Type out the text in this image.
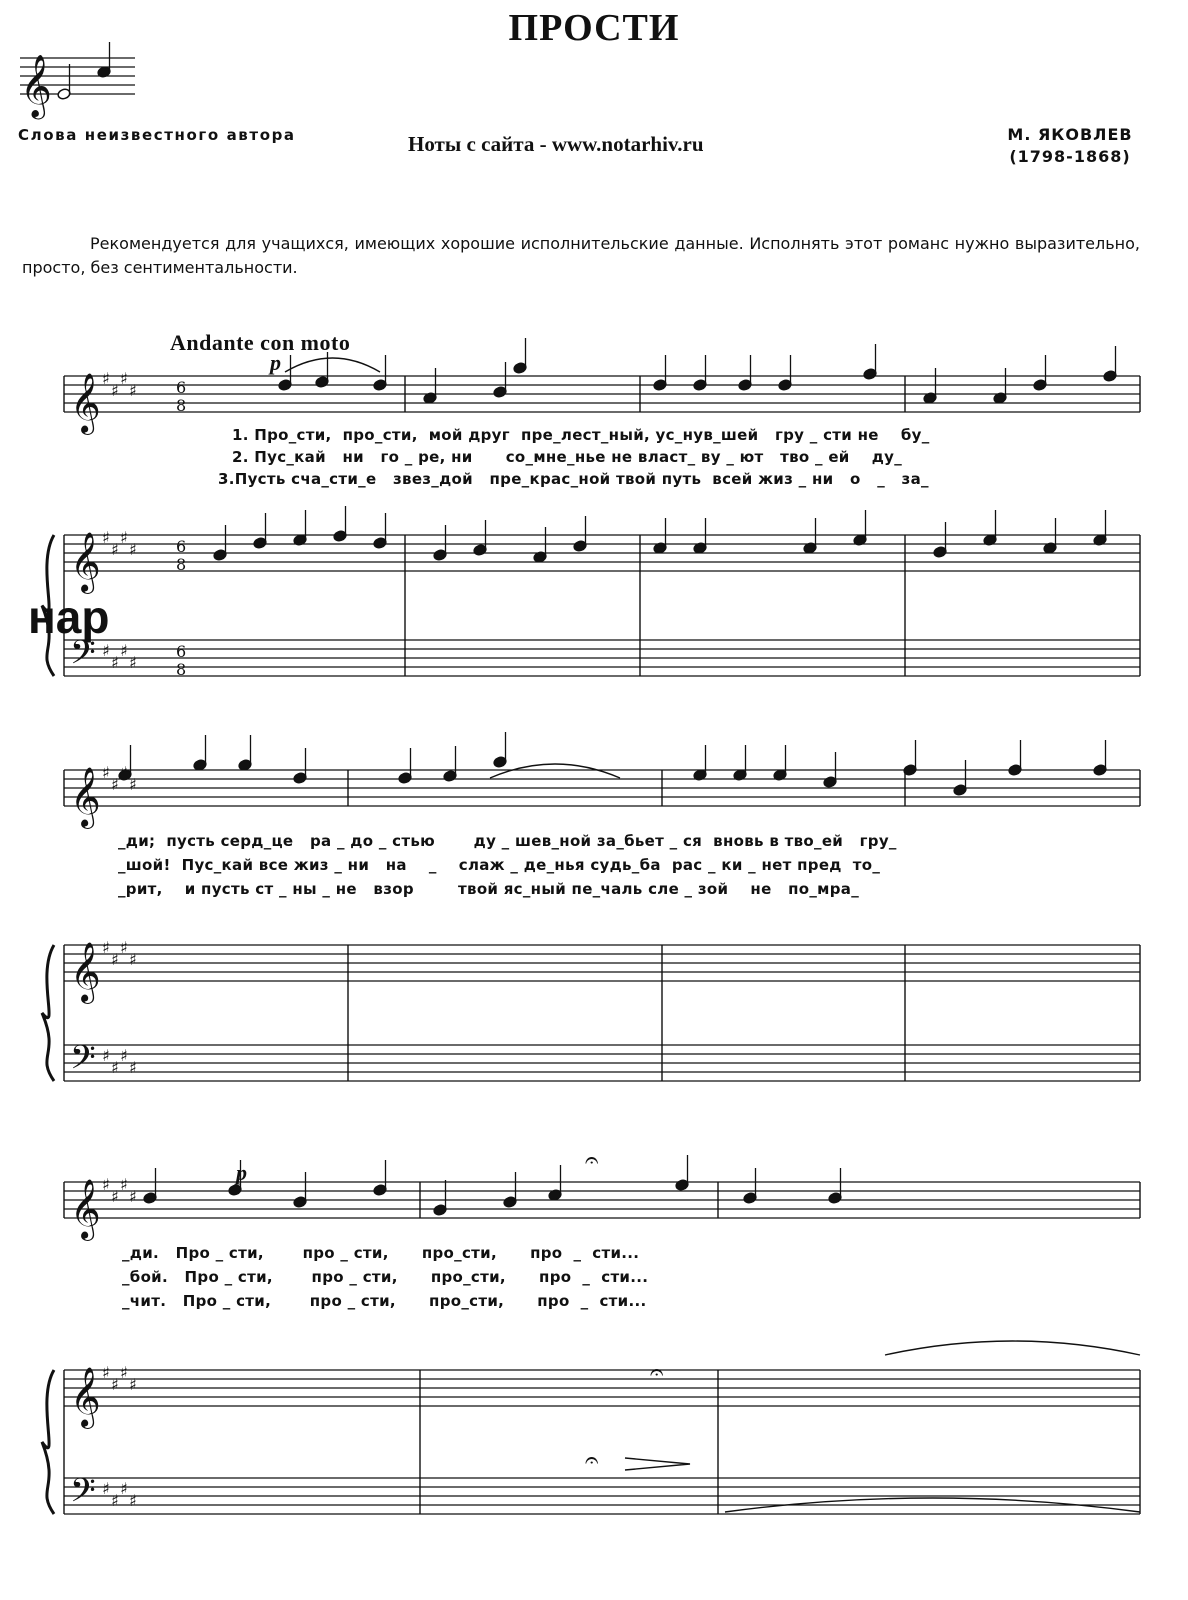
ПРОСТИ

Слова неизвестного автора	Ноты с сайта - www.notarhiv.ru	М. ЯКОВЛЕВ
(1798-1868)

Рекомендуется для учащихся, имеющих хорошие исполнительские данные. Исполнять этот романс нужно выразительно, просто, без сентиментальности.

Andante con moto
p
p
нар
1. Про_сти,  про_сти,  мой друг  пре_лест_ный, ус_нув_шей   гру _ сти не    бу_
2. Пус_кай   ни   го _ ре, ни      со_мне_нье не власт_ ву _ ют   тво _ ей    ду_
3.Пусть сча_сти_е   звез_дой   пре_крас_ной твой путь  всей жиз _ ни   о   _   за_
_ди;  пусть серд_це   ра _ до _ стью       ду _ шев_ной за_бьет _ ся  вновь в тво_ей   гру_
_шой!  Пус_кай все жиз _ ни   на    _    слаж _ де_нья судь_ба  рас _ ки _ нет пред  то_
_рит,    и пусть ст _ ны _ не   взор        твой яс_ный пе_чаль сле _ зой    не   по_мра_
_ди.   Про _ сти,       про _ сти,      про_сти,      про  _  сти...
_бой.   Про _ сти,       про _ сти,      про_сти,      про  _  сти...
_чит.   Про _ сти,       про _ сти,      про_сти,      про  _  сти...
𝄞
𝄞
𝄞
𝄢
♯
♯
♯
♯
♯
♯
♯
♯
♯
♯
♯
♯
6
8
6
8
6
8
𝄞
𝄞
𝄢
♯
♯
♯
♯
♯
♯
♯
♯
♯
♯
♯
𝄞
𝄞
𝄢
♯
♯
♯
♯
♯
♯
♯
♯
♯
♯
♯
♯
𝄐
𝄐
𝄐
